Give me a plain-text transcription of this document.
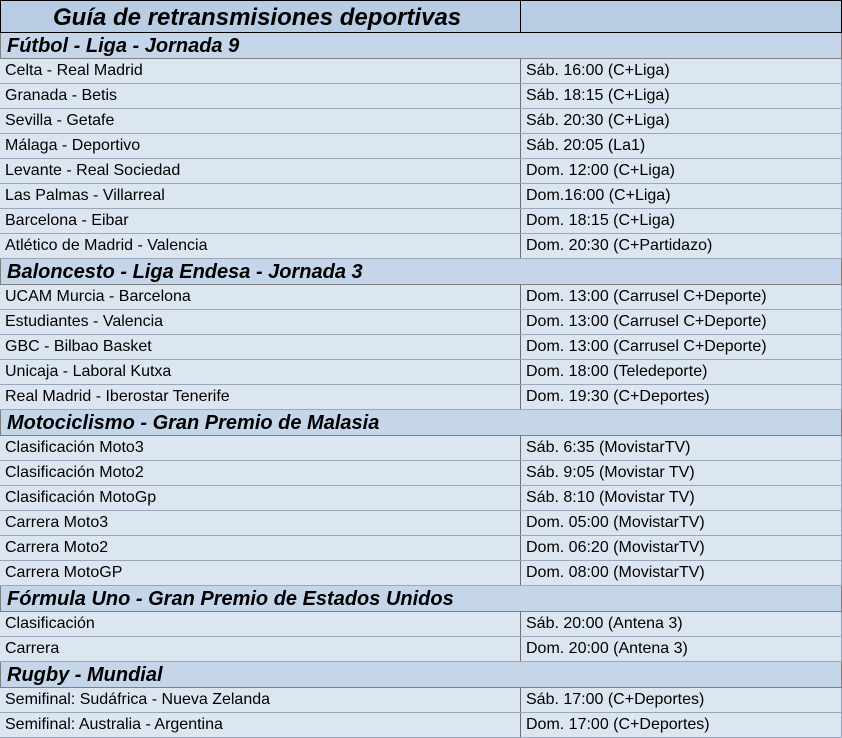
Guía de retransmisiones deportivas
Fútbol - Liga - Jornada 9
Celta - Real Madrid	Sáb. 16:00 (C+Liga)
Granada - Betis	Sáb. 18:15 (C+Liga)
Sevilla - Getafe	Sáb. 20:30 (C+Liga)
Málaga - Deportivo	Sáb. 20:05 (La1)
Levante - Real Sociedad	Dom. 12:00 (C+Liga)
Las Palmas - Villarreal	Dom.16:00 (C+Liga)
Barcelona - Eibar	Dom. 18:15 (C+Liga)
Atlético de Madrid - Valencia	Dom. 20:30 (C+Partidazo)
Baloncesto - Liga Endesa - Jornada 3
UCAM Murcia - Barcelona	Dom. 13:00 (Carrusel C+Deporte)
Estudiantes - Valencia	Dom. 13:00 (Carrusel C+Deporte)
GBC - Bilbao Basket	Dom. 13:00 (Carrusel C+Deporte)
Unicaja - Laboral Kutxa	Dom. 18:00 (Teledeporte)
Real Madrid - Iberostar Tenerife	Dom. 19:30 (C+Deportes)
Motociclismo - Gran Premio de Malasia
Clasificación Moto3	Sáb. 6:35 (MovistarTV)
Clasificación Moto2	Sáb. 9:05 (Movistar TV)
Clasificación MotoGp	Sáb. 8:10 (Movistar TV)
Carrera Moto3	Dom. 05:00 (MovistarTV)
Carrera Moto2	Dom. 06:20 (MovistarTV)
Carrera MotoGP	Dom. 08:00 (MovistarTV)
Fórmula Uno - Gran Premio de Estados Unidos
Clasificación	Sáb. 20:00 (Antena 3)
Carrera	Dom. 20:00 (Antena 3)
Rugby - Mundial
Semifinal: Sudáfrica - Nueva Zelanda	Sáb. 17:00 (C+Deportes)
Semifinal: Australia - Argentina	Dom. 17:00 (C+Deportes)
